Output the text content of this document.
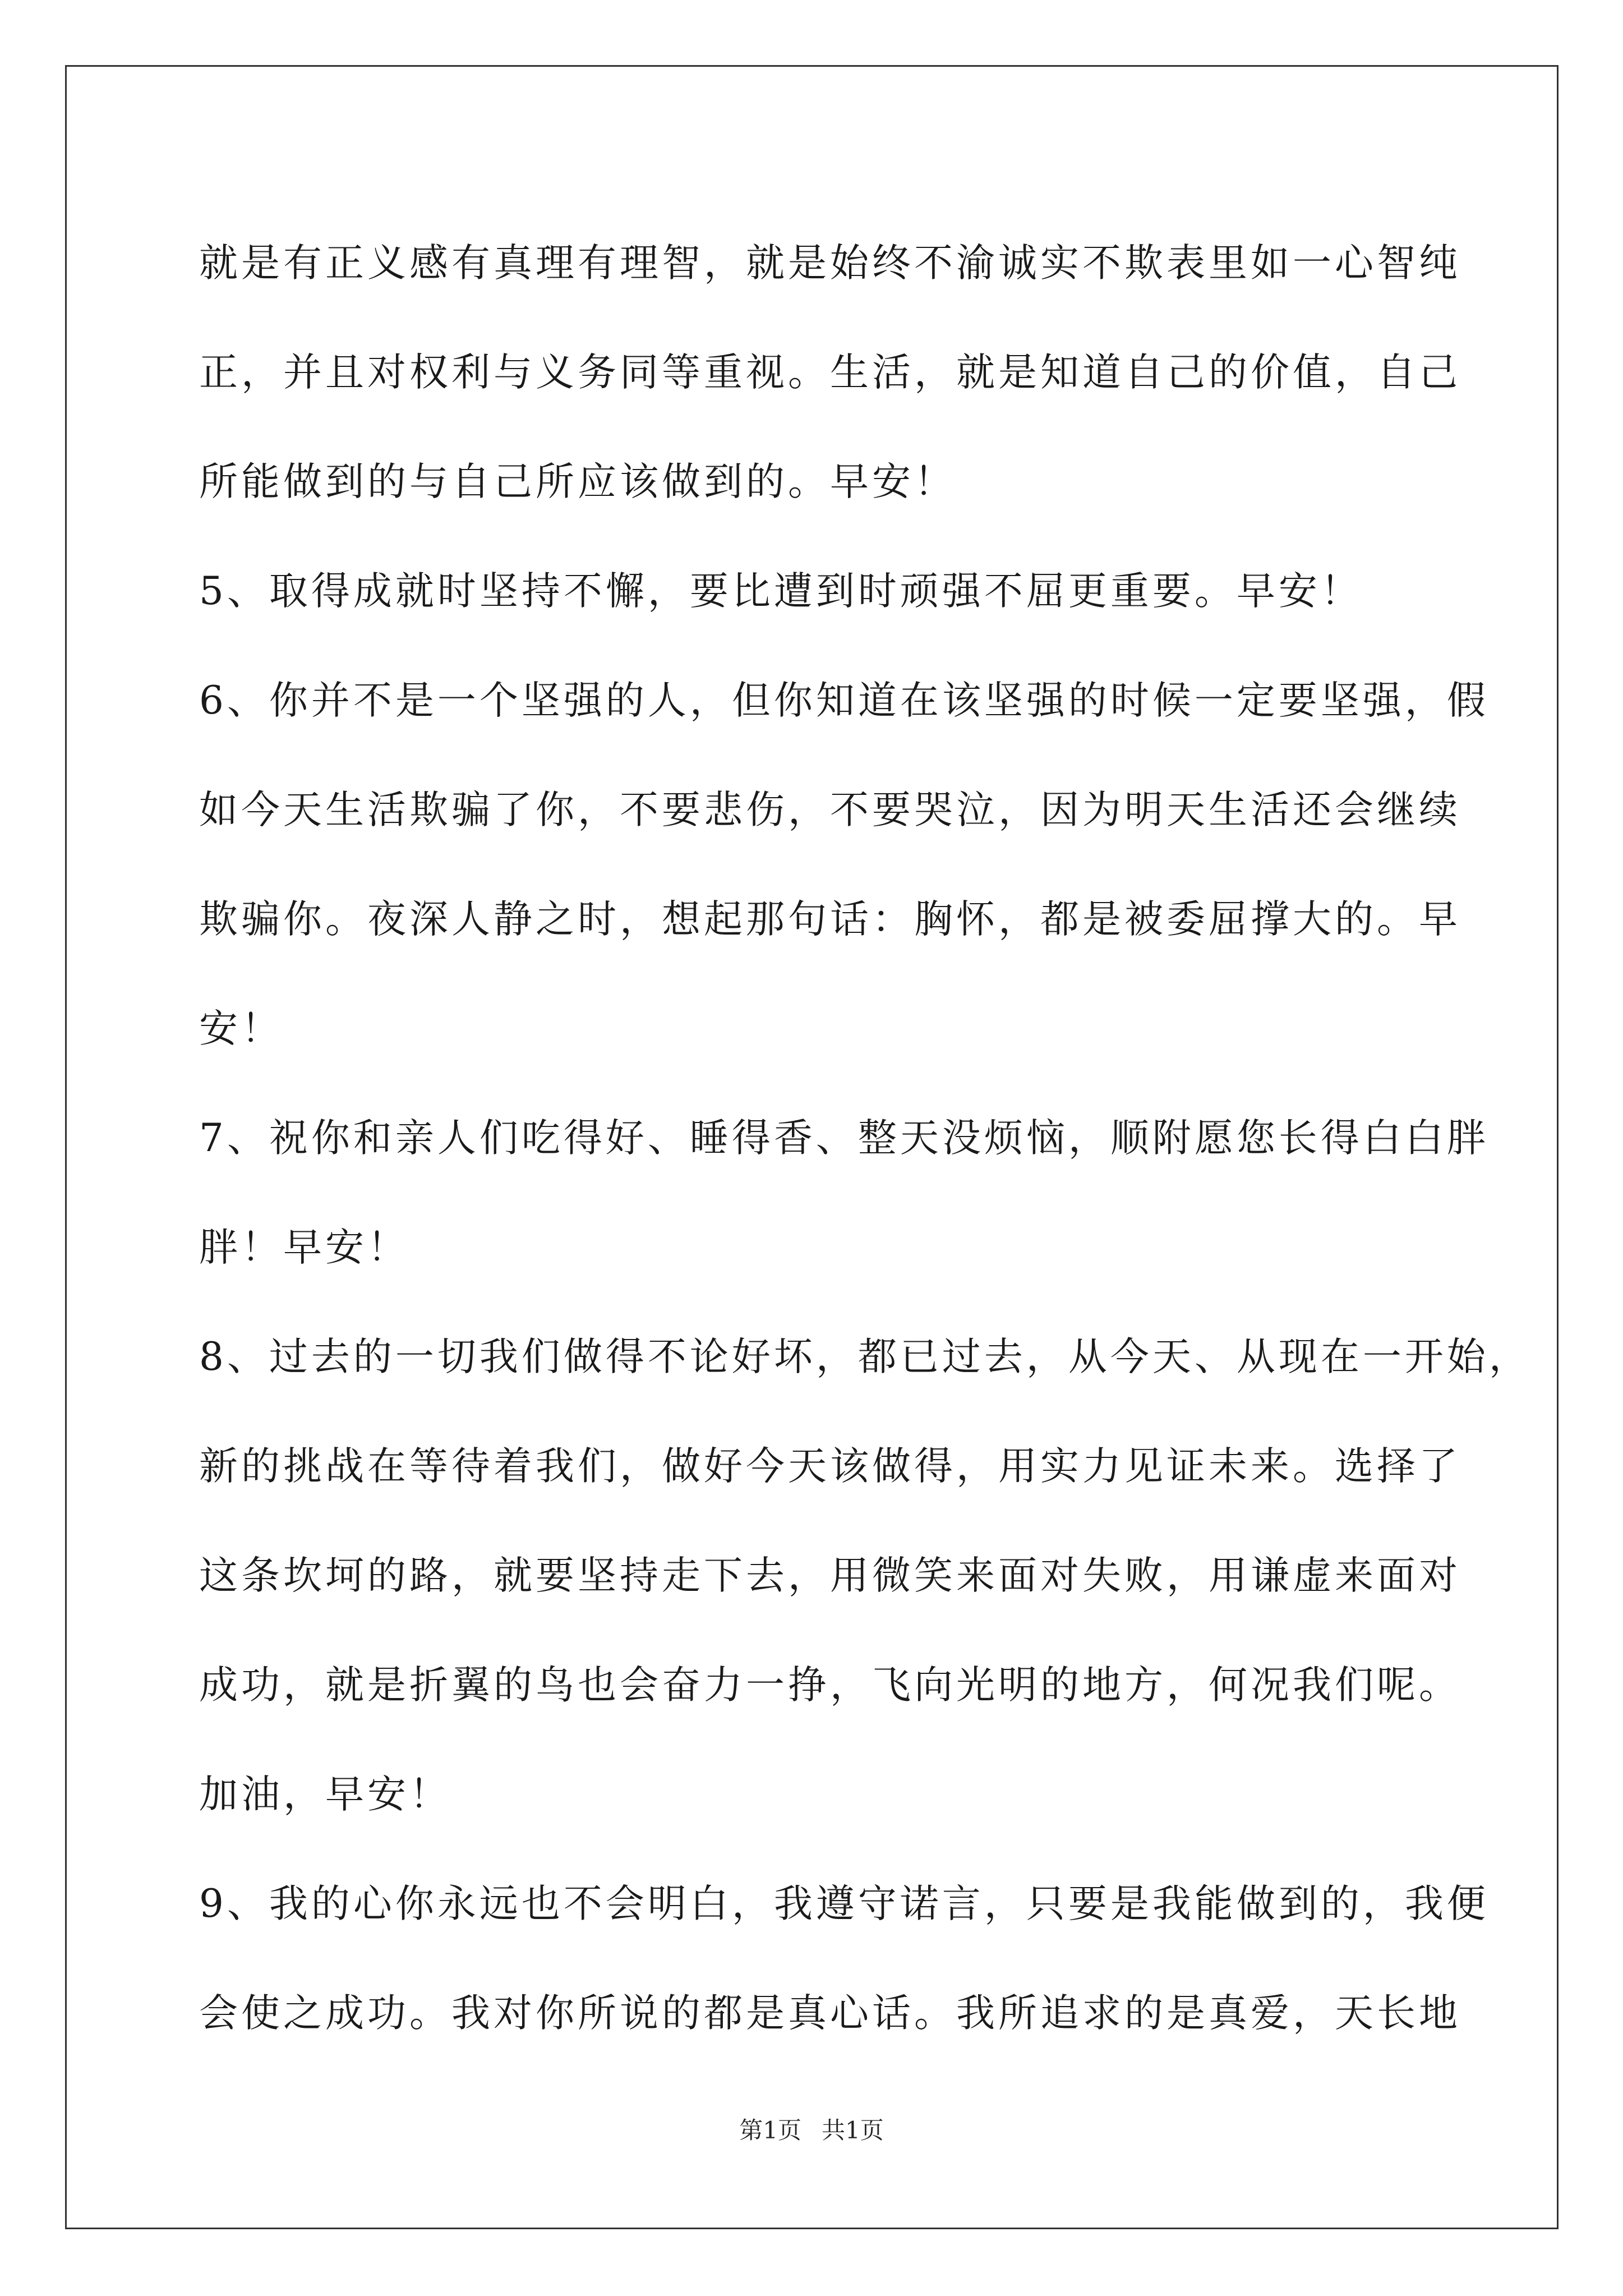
就是有正义感有真理有理智，就是始终不渝诚实不欺表里如一心智纯
正，并且对权利与义务同等重视。生活，就是知道自己的价值，自己
所能做到的与自己所应该做到的。早安！
5、取得成就时坚持不懈，要比遭到时顽强不屈更重要。早安！
6、你并不是一个坚强的人，但你知道在该坚强的时候一定要坚强，假
如今天生活欺骗了你，不要悲伤，不要哭泣，因为明天生活还会继续
欺骗你。夜深人静之时，想起那句话：胸怀，都是被委屈撑大的。早
安！
7、祝你和亲人们吃得好、睡得香、整天没烦恼，顺附愿您长得白白胖
胖！早安！
8、过去的一切我们做得不论好坏，都已过去，从今天、从现在一开始，
新的挑战在等待着我们，做好今天该做得，用实力见证未来。选择了
这条坎坷的路，就要坚持走下去，用微笑来面对失败，用谦虚来面对
成功，就是折翼的鸟也会奋力一挣，飞向光明的地方，何况我们呢。
加油，早安！
9、我的心你永远也不会明白，我遵守诺言，只要是我能做到的，我便
会使之成功。我对你所说的都是真心话。我所追求的是真爱，天长地
第1页 共1页
